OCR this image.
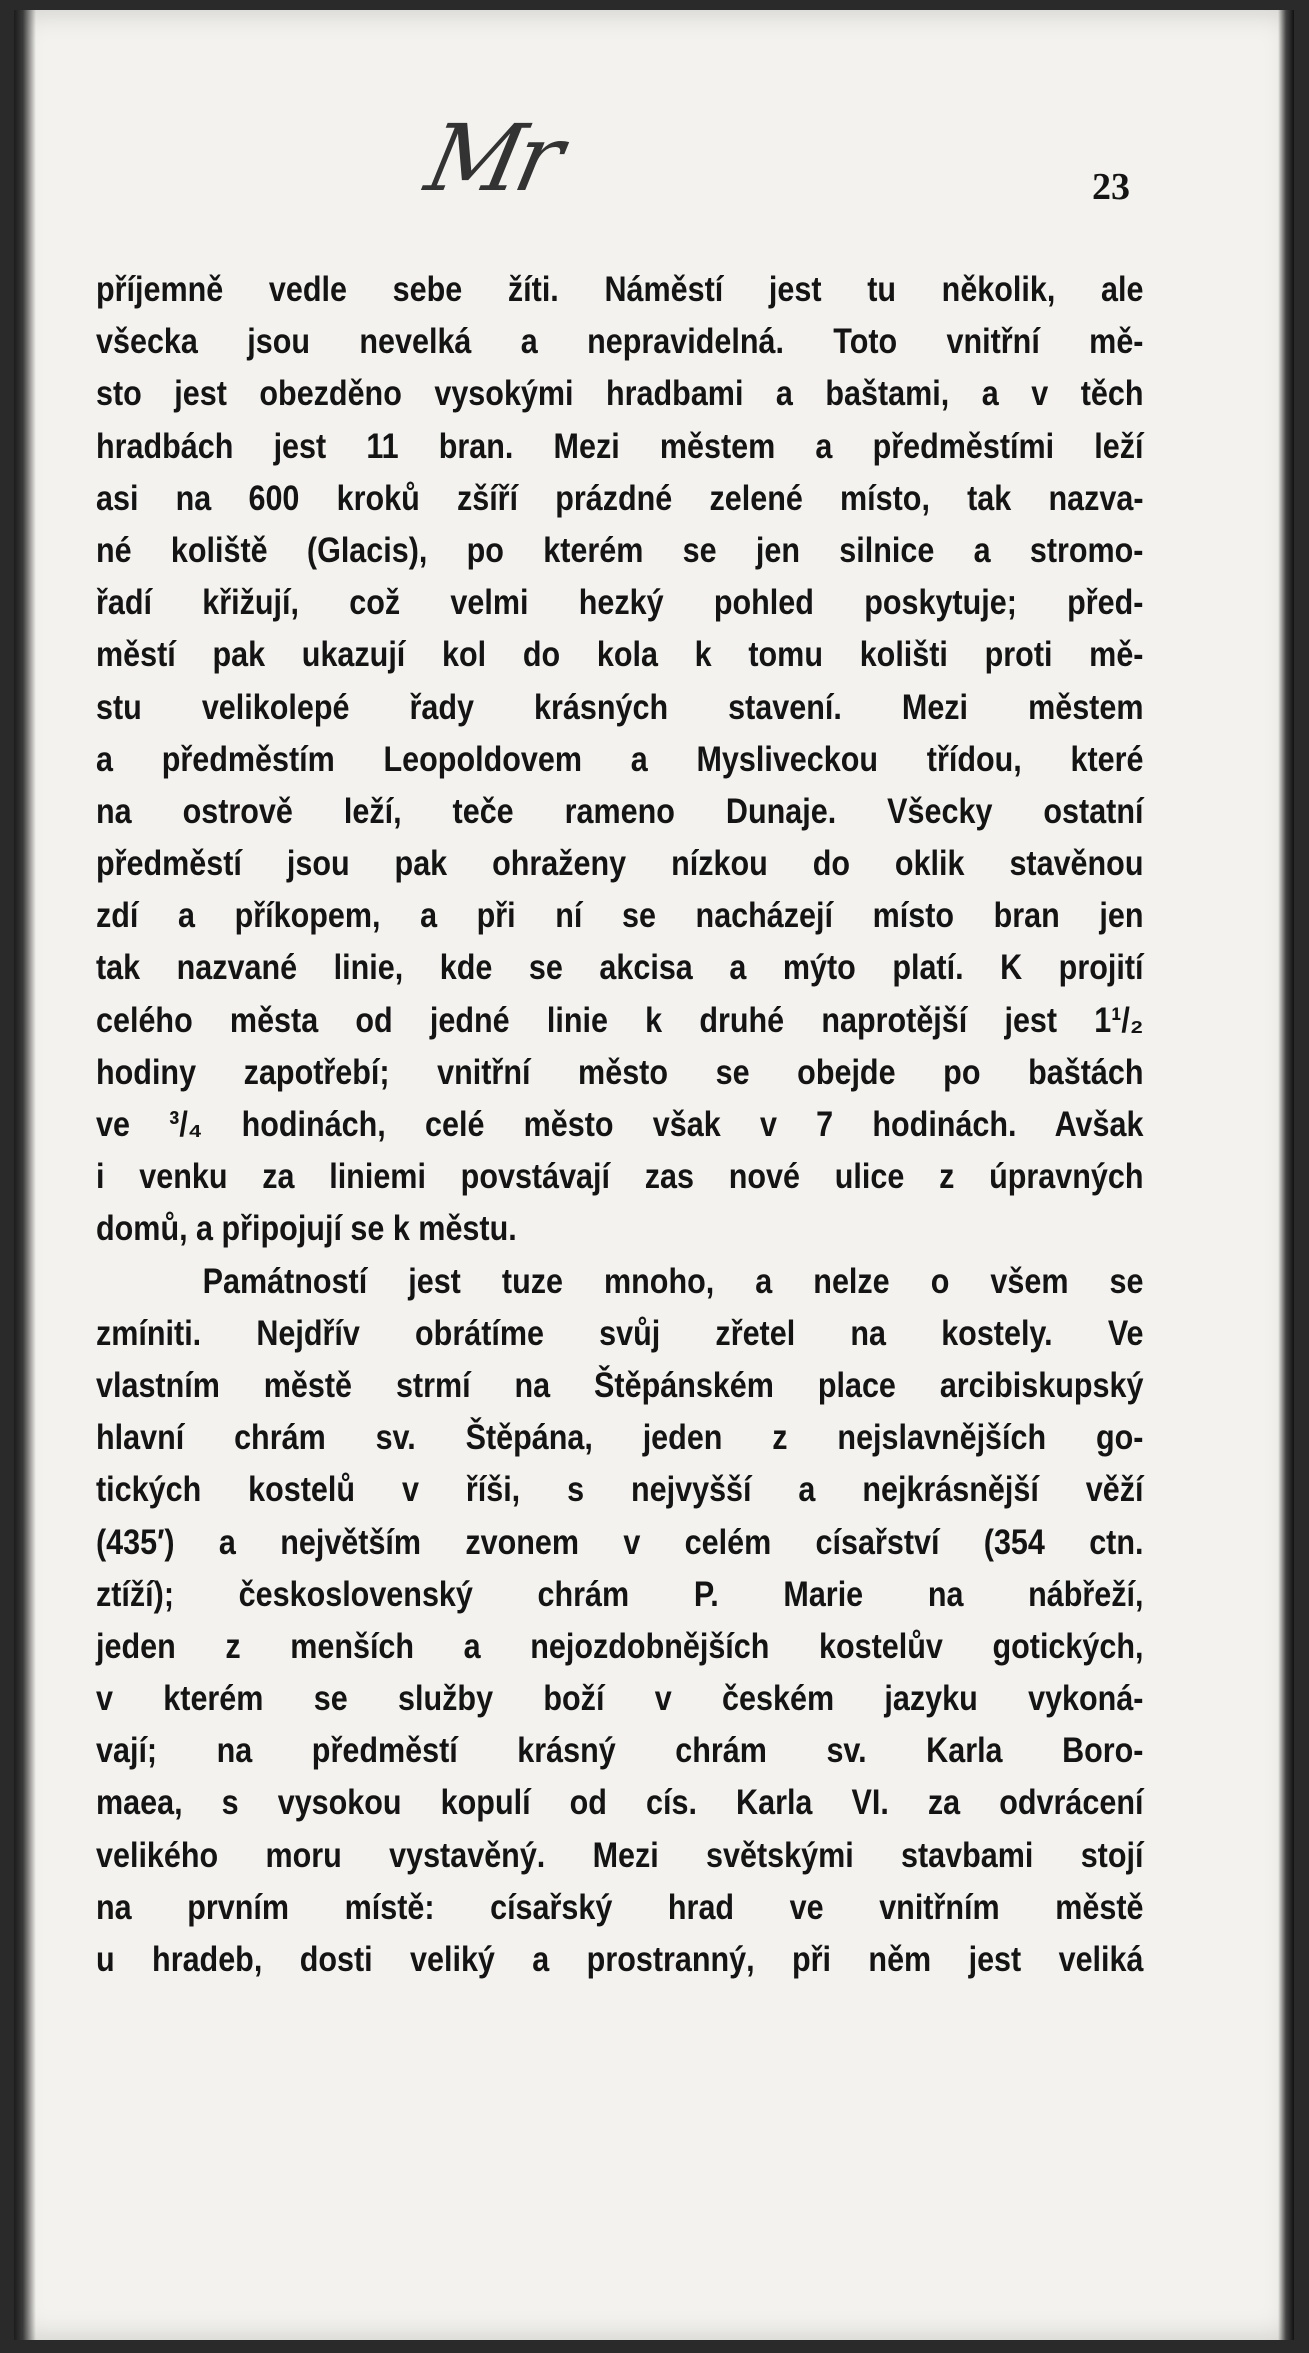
Μr	23
příjemně vedle sebe žíti. Náměstí jest tu několik, ale
všecka jsou nevelká a nepravidelná. Toto vnitřní mě-
sto jest obezděno vysokými hradbami a baštami, a v těch
hradbách jest 11 bran. Mezi městem a předměstími leží
asi na 600 kroků zšíří prázdné zelené místo, tak nazva-
né koliště (Glacis), po kterém se jen silnice a stromo-
řadí křižují, což velmi hezký pohled poskytuje; před-
městí pak ukazují kol do kola k tomu kolišti proti mě-
stu velikolepé řady krásných stavení. Mezi městem
a předměstím Leopoldovem a Mysliveckou třídou, které
na ostrově leží, teče rameno Dunaje. Všecky ostatní
předměstí jsou pak ohraženy nízkou do oklik stavěnou
zdí a příkopem, a při ní se nacházejí místo bran jen
tak nazvané linie, kde se akcisa a mýto platí. K projití
celého města od jedné linie k druhé naprotější jest 1¹/₂
hodiny zapotřebí; vnitřní město se obejde po baštách
ve ³/₄ hodinách, celé město však v 7 hodinách. Avšak
i venku za liniemi povstávají zas nové ulice z úpravných
domů, a připojují se k městu.
Památností jest tuze mnoho, a nelze o všem se
zmíniti. Nejdřív obrátíme svůj zřetel na kostely. Ve
vlastním městě strmí na Štěpánském place arcibiskupský
hlavní chrám sv. Štěpána, jeden z nejslavnějších go-
tických kostelů v říši, s nejvyšší a nejkrásnější věží
(435′) a největším zvonem v celém císařství (354 ctn.
ztíží); československý chrám P. Marie na nábřeží,
jeden z menších a nejozdobnějších kostelův gotických,
v kterém se služby boží v českém jazyku vykoná-
vají; na předměstí krásný chrám sv. Karla Boro-
maea, s vysokou kopulí od cís. Karla VI. za odvrácení
velikého moru vystavěný. Mezi světskými stavbami stojí
na prvním místě: císařský hrad ve vnitřním městě
u hradeb, dosti veliký a prostranný, při něm jest veliká
